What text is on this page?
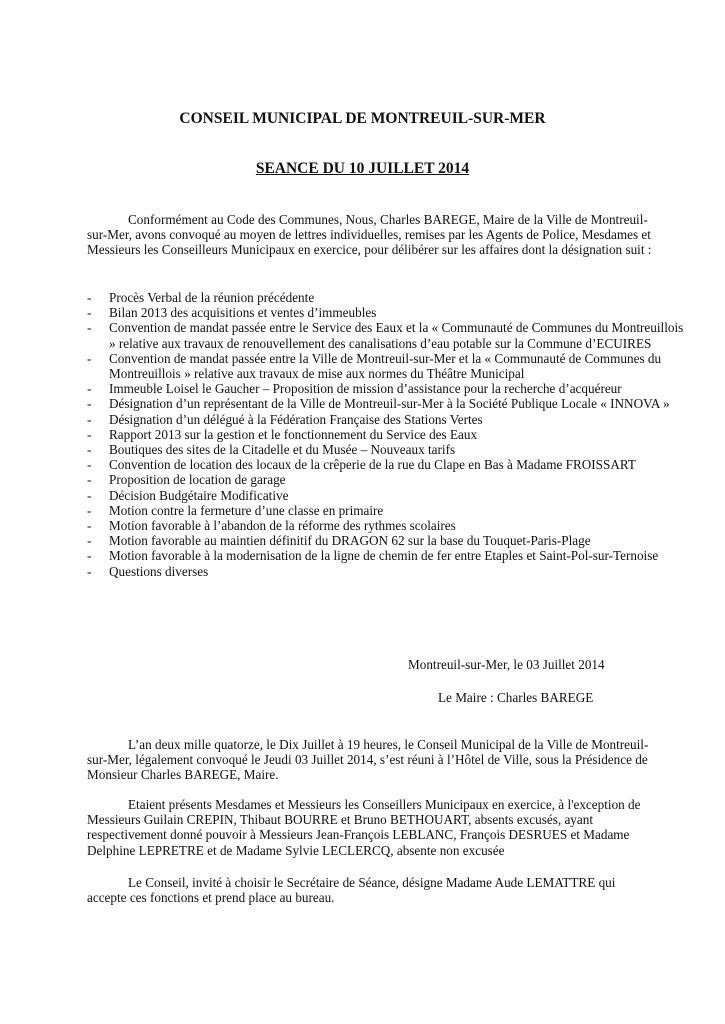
CONSEIL MUNICIPAL DE MONTREUIL-SUR-MER
SEANCE DU 10 JUILLET 2014

Conformément au Code des Communes, Nous, Charles BAREGE, Maire de la Ville de Montreuil-sur-Mer, avons convoqué au moyen de lettres individuelles, remises par les Agents de Police, Mesdames et Messieurs les Conseilleurs Municipaux en exercice, pour délibérer sur les affaires dont la désignation suit :

- Procès Verbal de la réunion précédente
- Bilan 2013 des acquisitions et ventes d’immeubles
- Convention de mandat passée entre le Service des Eaux et la « Communauté de Communes du Montreuillois » relative aux travaux de renouvellement des canalisations d’eau potable sur la Commune d’ECUIRES
- Convention de mandat passée entre la Ville de Montreuil-sur-Mer et la « Communauté de Communes du Montreuillois » relative aux travaux de mise aux normes du Théâtre Municipal
- Immeuble Loisel le Gaucher – Proposition de mission d’assistance pour la recherche d’acquéreur
- Désignation d’un représentant de la Ville de Montreuil-sur-Mer à la Société Publique Locale « INNOVA »
- Désignation d’un délégué à la Fédération Française des Stations Vertes
- Rapport 2013 sur la gestion et le fonctionnement du Service des Eaux
- Boutiques des sites de la Citadelle et du Musée – Nouveaux tarifs
- Convention de location des locaux de la crêperie de la rue du Clape en Bas à Madame FROISSART
- Proposition de location de garage
- Décision Budgétaire Modificative
- Motion contre la fermeture d’une classe en primaire
- Motion favorable à l’abandon de la réforme des rythmes scolaires
- Motion favorable au maintien définitif du DRAGON 62 sur la base du Touquet-Paris-Plage
- Motion favorable à la modernisation de la ligne de chemin de fer entre Etaples et Saint-Pol-sur-Ternoise
- Questions diverses

Montreuil-sur-Mer, le 03 Juillet 2014

Le Maire : Charles BAREGE

L’an deux mille quatorze, le Dix Juillet à 19 heures, le Conseil Municipal de la Ville de Montreuil-sur-Mer, légalement convoqué le Jeudi 03 Juillet 2014, s’est réuni à l’Hôtel de Ville, sous la Présidence de Monsieur Charles BAREGE, Maire.

Etaient présents Mesdames et Messieurs les Conseillers Municipaux en exercice, à l'exception de Messieurs Guilain CREPIN, Thibaut BOURRE et Bruno BETHOUART, absents excusés, ayant respectivement donné pouvoir à Messieurs Jean-François LEBLANC, François DESRUES et Madame Delphine LEPRETRE et de Madame Sylvie LECLERCQ, absente non excusée

Le Conseil, invité à choisir le Secrétaire de Séance, désigne Madame Aude LEMATTRE qui accepte ces fonctions et prend place au bureau.
